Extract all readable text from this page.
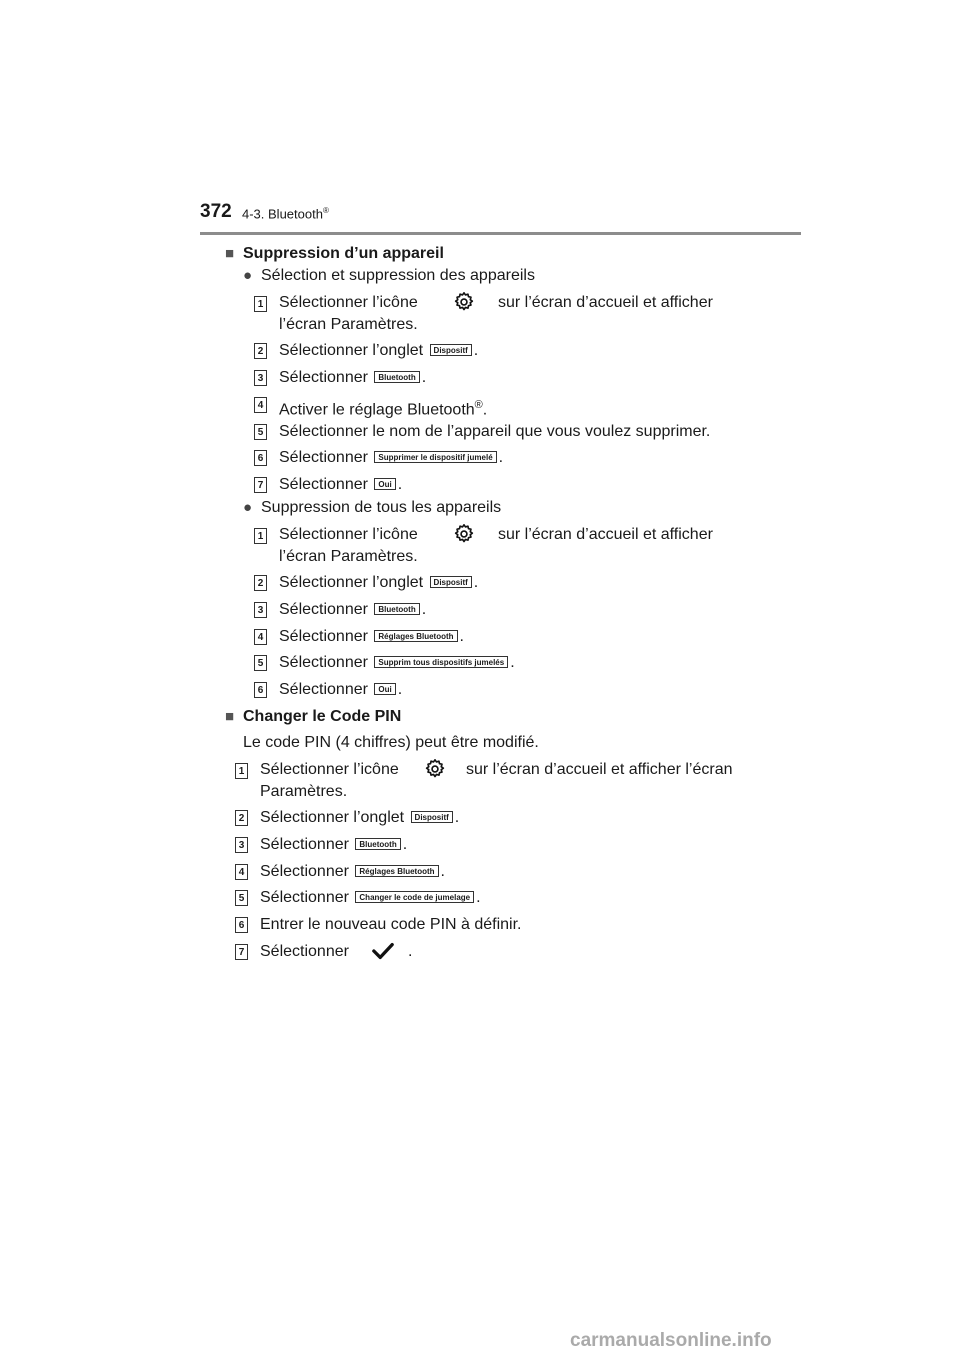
372 4-3. Bluetooth®
■ Suppression d’un appareil
● Sélection et suppression des appareils
1 Sélectionner l’icône	sur l’écran d’accueil et afficher
l’écran Paramètres.
2 Sélectionner l’onglet Dispositf .
3 Sélectionner Bluetooth .
4 Activer le réglage Bluetooth®.
5 Sélectionner le nom de l’appareil que vous voulez supprimer.
6 Sélectionner Supprimer le dispositif jumelé .
7 Sélectionner Oui .
● Suppression de tous les appareils
1 Sélectionner l’icône	sur l’écran d’accueil et afficher
l’écran Paramètres.
2 Sélectionner l’onglet Dispositf .
3 Sélectionner Bluetooth .
4 Sélectionner Réglages Bluetooth .
5 Sélectionner Supprim tous dispositifs jumelés .
6 Sélectionner Oui .
■ Changer le Code PIN
Le code PIN (4 chiffres) peut être modifié.
1 Sélectionner l’icône	sur l’écran d’accueil et afficher l’écran
Paramètres.
2 Sélectionner l’onglet Dispositf .
3 Sélectionner Bluetooth .
4 Sélectionner Réglages Bluetooth .
5 Sélectionner Changer le code de jumelage .
6 Entrer le nouveau code PIN à définir.
7 Sélectionner	.
carmanualsonline.info
